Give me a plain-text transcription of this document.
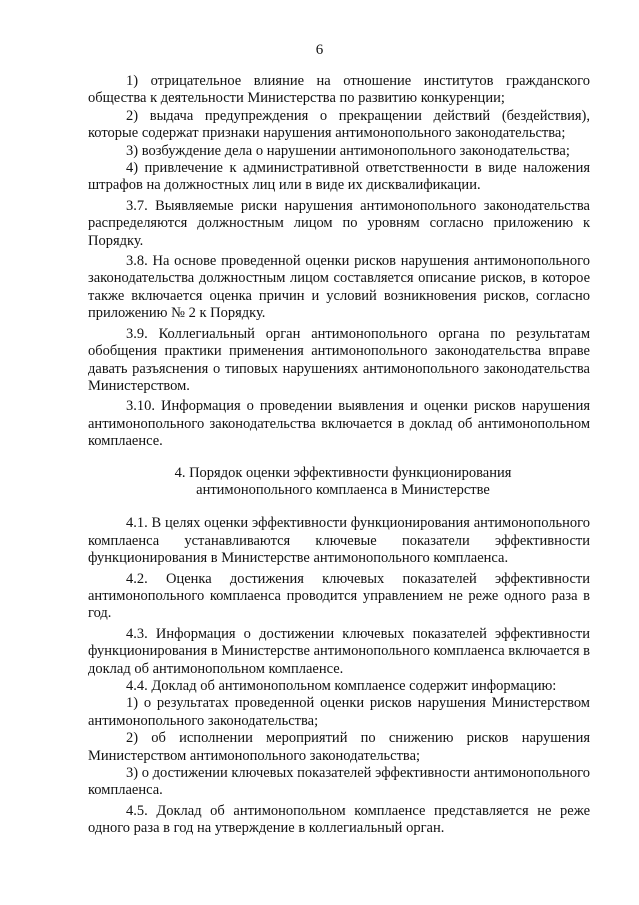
6

1) отрицательное влияние на отношение институтов гражданского общества к деятельности Министерства по развитию конкуренции;

2) выдача предупреждения о прекращении действий (бездействия), которые содержат признаки нарушения антимонопольного законодательства;

3) возбуждение дела о нарушении антимонопольного законодательства;

4) привлечение к административной ответственности в виде наложения штрафов на должностных лиц или в виде их дисквалификации.

3.7. Выявляемые риски нарушения антимонопольного законодательства распределяются должностным лицом по уровням согласно приложению к Порядку.

3.8. На основе проведенной оценки рисков нарушения антимонопольного законодательства должностным лицом составляется описание рисков, в которое также включается оценка причин и условий возникновения рисков, согласно приложению № 2 к Порядку.

3.9. Коллегиальный орган антимонопольного органа по результатам обобщения практики применения антимонопольного законодательства вправе давать разъяснения о типовых нарушениях антимонопольного законодательства Министерством.

3.10. Информация о проведении выявления и оценки рисков нарушения антимонопольного законодательства включается в доклад об антимонопольном комплаенсе.

4. Порядок оценки эффективности функционирования
антимонопольного комплаенса в Министерстве

4.1. В целях оценки эффективности функционирования антимонопольного комплаенса устанавливаются ключевые показатели эффективности функционирования в Министерстве антимонопольного комплаенса.

4.2. Оценка достижения ключевых показателей эффективности антимонопольного комплаенса проводится управлением не реже одного раза в год.

4.3. Информация о достижении ключевых показателей эффективности функционирования в Министерстве антимонопольного комплаенса включается в доклад об антимонопольном комплаенсе.

4.4. Доклад об антимонопольном комплаенсе содержит информацию:

1) о результатах проведенной оценки рисков нарушения Министерством антимонопольного законодательства;

2) об исполнении мероприятий по снижению рисков нарушения Министерством антимонопольного законодательства;

3) о достижении ключевых показателей эффективности антимонопольного комплаенса.

4.5. Доклад об антимонопольном комплаенсе представляется не реже одного раза в год на утверждение в коллегиальный орган.
